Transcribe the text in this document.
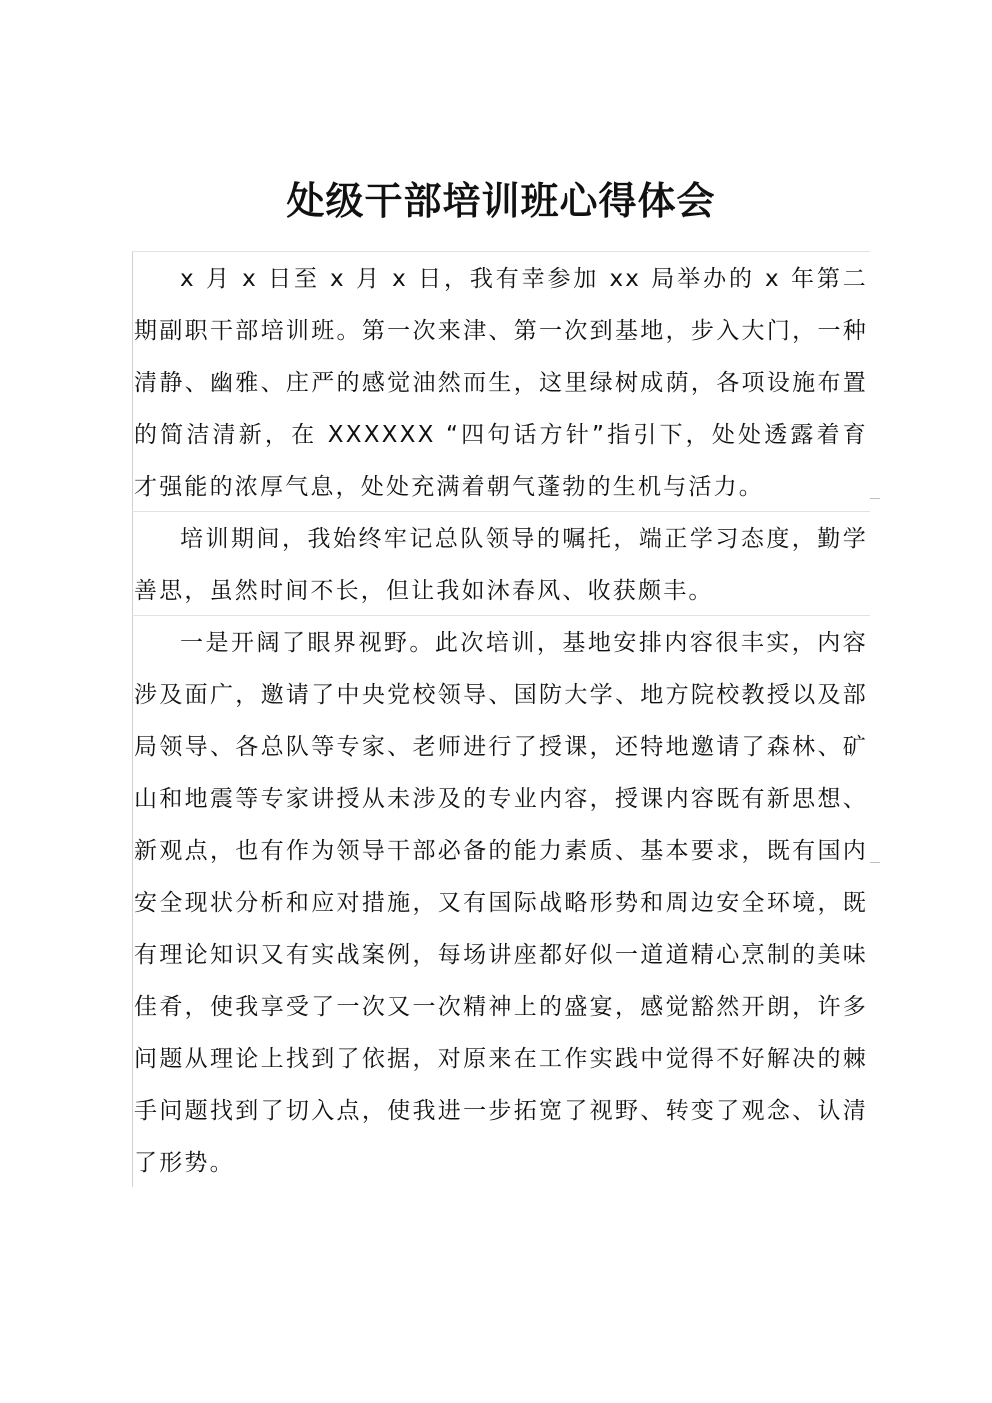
处级干部培训班心得体会

x 月 x 日至 x 月 x 日，我有幸参加 xx 局举办的 x 年第二期副职干部培训班。第一次来津、第一次到基地，步入大门，一种清静、幽雅、庄严的感觉油然而生，这里绿树成荫，各项设施布置的简洁清新，在 XXXXXX “四句话方针”指引下，处处透露着育才强能的浓厚气息，处处充满着朝气蓬勃的生机与活力。

培训期间，我始终牢记总队领导的嘱托，端正学习态度，勤学善思，虽然时间不长，但让我如沐春风、收获颇丰。

一是开阔了眼界视野。此次培训，基地安排内容很丰实，内容涉及面广，邀请了中央党校领导、国防大学、地方院校教授以及部局领导、各总队等专家、老师进行了授课，还特地邀请了森林、矿山和地震等专家讲授从未涉及的专业内容，授课内容既有新思想、新观点，也有作为领导干部必备的能力素质、基本要求，既有国内安全现状分析和应对措施，又有国际战略形势和周边安全环境，既有理论知识又有实战案例，每场讲座都好似一道道精心烹制的美味佳肴，使我享受了一次又一次精神上的盛宴，感觉豁然开朗，许多问题从理论上找到了依据，对原来在工作实践中觉得不好解决的棘手问题找到了切入点，使我进一步拓宽了视野、转变了观念、认清了形势。
